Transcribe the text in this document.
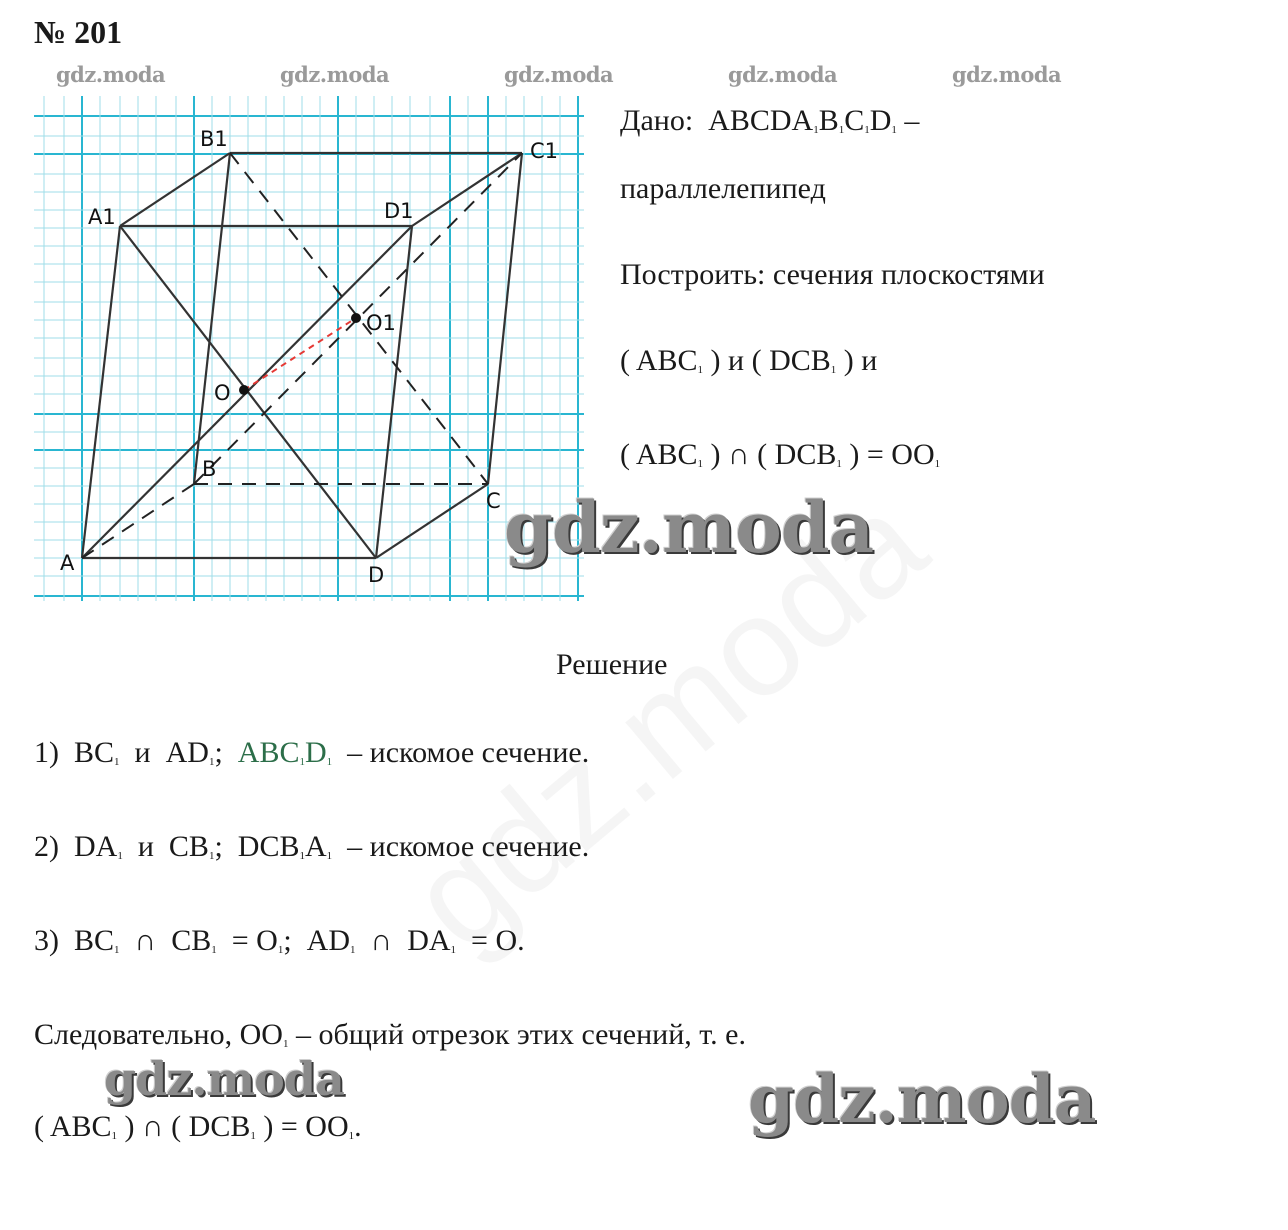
№ 201
gdz.moda	gdz.moda	gdz.moda	gdz.moda	gdz.moda
A
B
C
D
A1
B1	C1
D1
O
O1
Дано: $ABCDA_1B_1C_1D_1$ –
параллелепипед
Построить: сечения плоскостями
( $ABC_1$ ) и ( $DCB_1$ ) и
( $ABC_1$ ) ∩ ( $DCB_1$ ) = $OO_1$
gdz.moda
Решение
1) $BC_1$ и $AD_1$; $ABC_1D_1$ – искомое сечение.
2) $DA_1$ и $CB_1$; $DCB_1A_1$ – искомое сечение.
3) $BC_1$ ∩ $CB_1 = O_1$; $AD_1$ ∩ $DA_1 = O$.
Следовательно, $OO_1$ – общий отрезок этих сечений, т. е.
gdz.moda	gdz.moda
( $ABC_1$ ) ∩ ( $DCB_1$ ) = $OO_1$.
